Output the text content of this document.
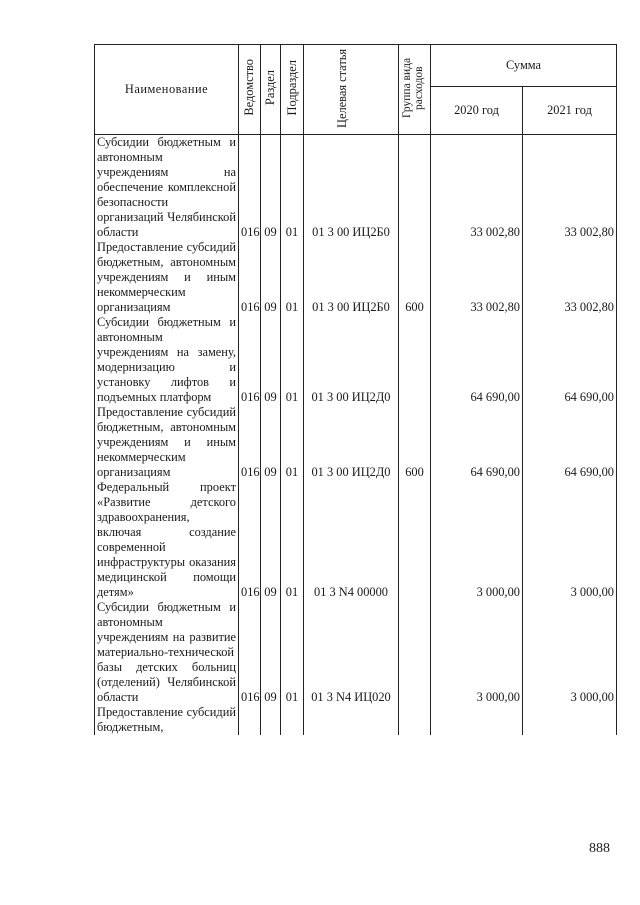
Наименование	Ведомство	Раздел	Подраздел	Целевая статья	Группа вида расходов	Сумма	
						2020 год	2021 год
Субсидии бюджетным и автономным учреждениям на обеспечение комплексной безопасности организаций Челябинской области	016	09	01	01 3 00 ИЦ2Б0		33 002,80	33 002,80
Предоставление субсидий бюджетным, автономным учреждениям и иным некоммерческим организациям	016	09	01	01 3 00 ИЦ2Б0	600	33 002,80	33 002,80
Субсидии бюджетным и автономным учреждениям на замену, модернизацию и установку лифтов и подъемных платформ	016	09	01	01 3 00 ИЦ2Д0		64 690,00	64 690,00
Предоставление субсидий бюджетным, автономным учреждениям и иным некоммерческим организациям	016	09	01	01 3 00 ИЦ2Д0	600	64 690,00	64 690,00
Федеральный проект «Развитие детского здравоохранения, включая создание современной инфраструктуры оказания медицинской помощи детям»	016	09	01	01 3 N4 00000		3 000,00	3 000,00
Субсидии бюджетным и автономным учреждениям на развитие материально-технической базы детских больниц (отделений) Челябинской области	016	09	01	01 3 N4 ИЦ020		3 000,00	3 000,00
Предоставление субсидий бюджетным,							
888
